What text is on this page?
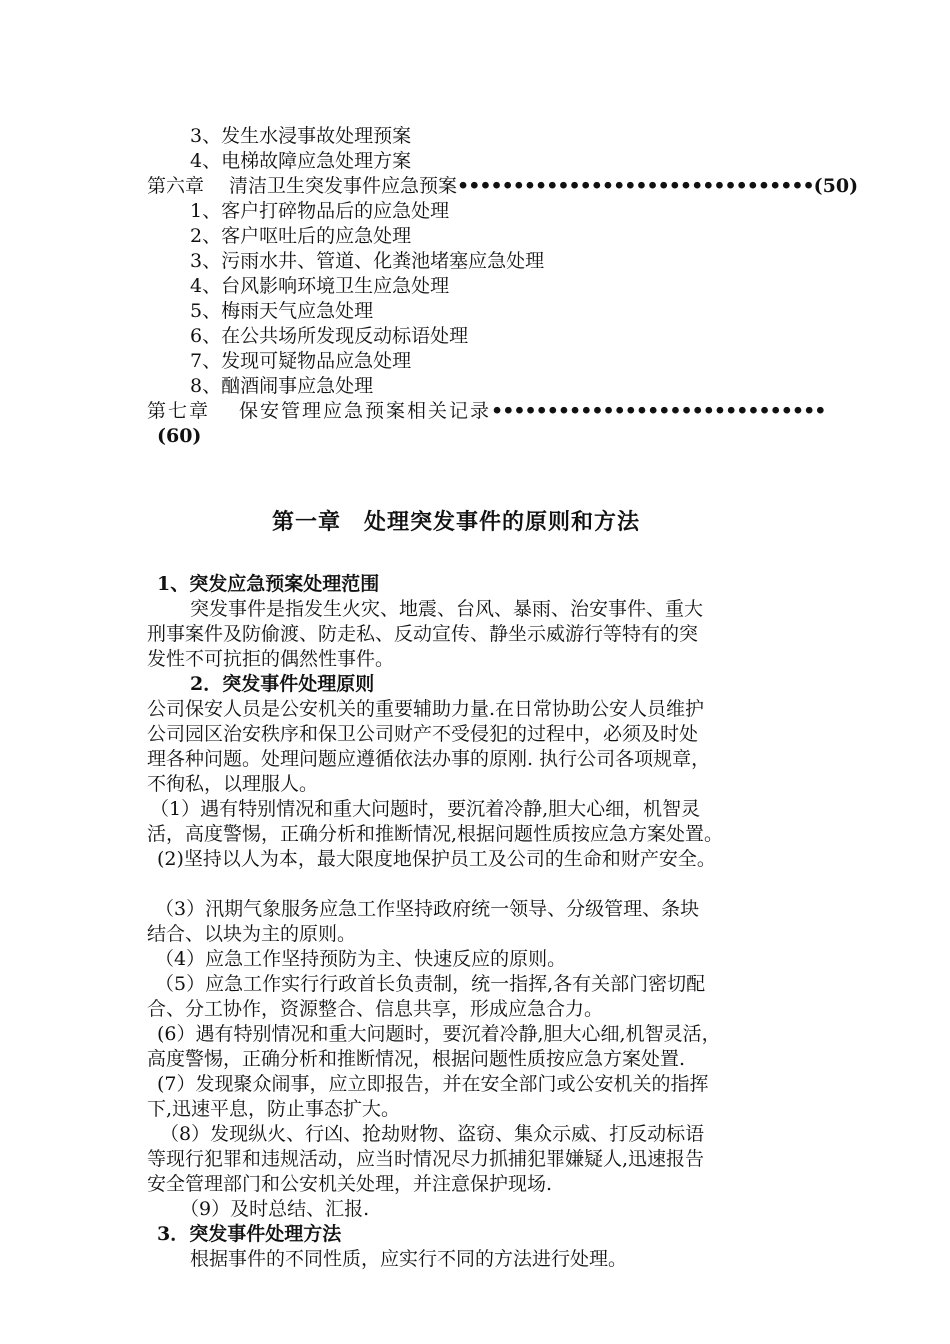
3、发生水浸事故处理预案
4、电梯故障应急处理方案
第六章　 清洁卫生突发事件应急预案••••••••••••••••••••••••••••••••(50)
1、客户打碎物品后的应急处理
2、客户呕吐后的应急处理
3、污雨水井、管道、化粪池堵塞应急处理
4、台风影响环境卫生应急处理
5、梅雨天气应急处理
6、在公共场所发现反动标语处理
7、发现可疑物品应急处理
8、酗酒闹事应急处理
第七章　 保安管理应急预案相关记录••••••••••••••••••••••••••••••
(60)
第一章　处理突发事件的原则和方法
1、突发应急预案处理范围
突发事件是指发生火灾、地震、台风、暴雨、治安事件、重大
刑事案件及防偷渡、防走私、反动宣传、静坐示威游行等特有的突
发性不可抗拒的偶然性事件。
2．突发事件处理原则
公司保安人员是公安机关的重要辅助力量.在日常协助公安人员维护
公司园区治安秩序和保卫公司财产不受侵犯的过程中，必须及时处
理各种问题。处理问题应遵循依法办事的原刚. 执行公司各项规章，
不徇私，以理服人。
（1）遇有特别情况和重大问题时，要沉着冷静,胆大心细，机智灵
活，高度警惕，正确分析和推断情况,根据问题性质按应急方案处置。
(2)坚持以人为本，最大限度地保护员工及公司的生命和财产安全。
（3）汛期气象服务应急工作坚持政府统一领导、分级管理、条块
结合、以块为主的原则。
（4）应急工作坚持预防为主、快速反应的原则。
（5）应急工作实行行政首长负责制，统一指挥,各有关部门密切配
合、分工协作，资源整合、信息共享，形成应急合力。
(6）遇有特别情况和重大问题时，要沉着冷静,胆大心细,机智灵活，
高度警惕，正确分析和推断情况，根据问题性质按应急方案处置.
(7）发现聚众闹事，应立即报告，并在安全部门或公安机关的指挥
下,迅速平息，防止事态扩大。
（8）发现纵火、行凶、抢劫财物、盗窃、集众示威、打反动标语
等现行犯罪和违规活动，应当时情况尽力抓捕犯罪嫌疑人,迅速报告
安全管理部门和公安机关处理，并注意保护现场.
（9）及时总结、汇报.
3．突发事件处理方法
根据事件的不同性质，应实行不同的方法进行处理。
